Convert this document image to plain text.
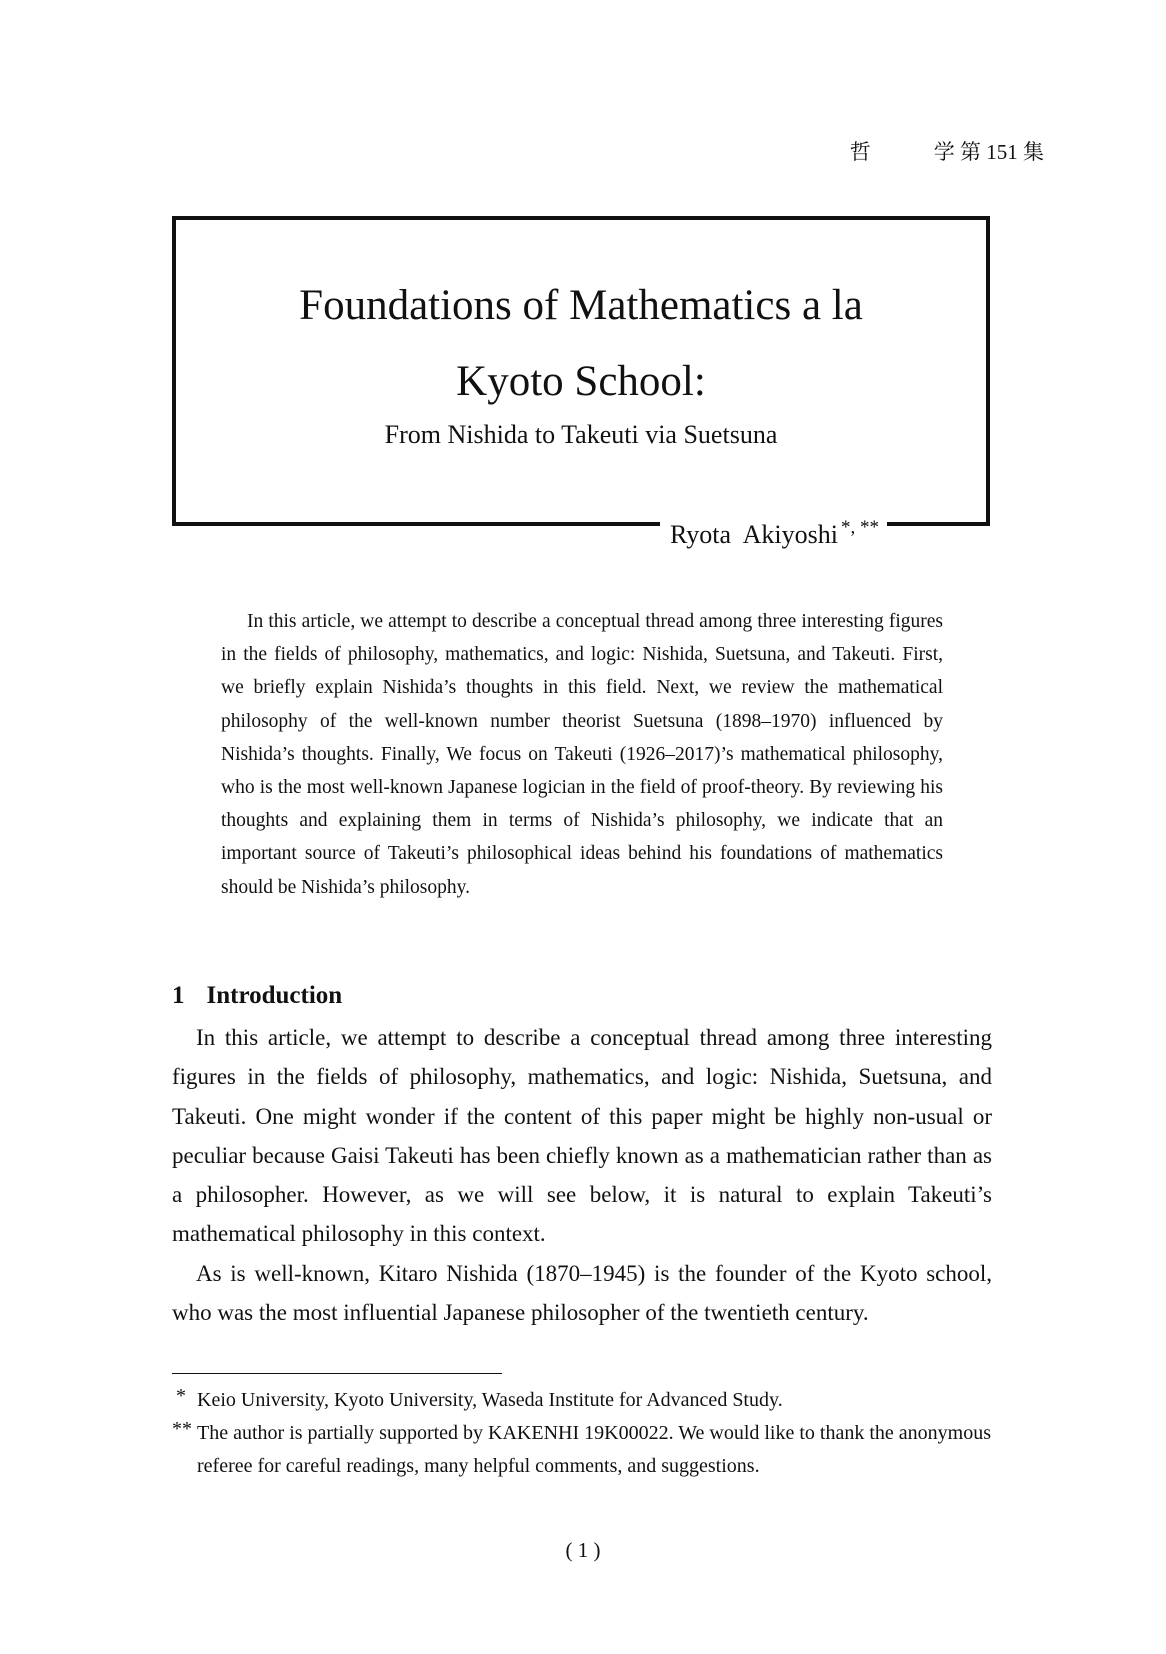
哲　　　学 第 151 集
Foundations of Mathematics a la
Kyoto School:
From Nishida to Takeuti via Suetsuna
Ryota  Akiyoshi *, **

In this article, we attempt to describe a conceptual thread among three interesting figures in the fields of philosophy, mathematics, and logic: Nishida, Suetsuna, and Takeuti. First, we briefly explain Nishida’s thoughts in this field. Next, we review the mathematical philosophy of the well-known number theorist Suetsuna (1898–1970) influenced by Nishida’s thoughts. Finally, We focus on Takeuti (1926–2017)’s mathematical philosophy, who is the most well-known Japanese logician in the field of proof-theory. By reviewing his thoughts and explaining them in terms of Nishida’s philosophy, we indicate that an important source of Takeuti’s philosophical ideas behind his foundations of mathematics should be Nishida’s philosophy.

1 Introduction

In this article, we attempt to describe a conceptual thread among three interesting figures in the fields of philosophy, mathematics, and logic: Nishida, Suetsuna, and Takeuti. One might wonder if the content of this paper might be highly non-usual or peculiar because Gaisi Takeuti has been chiefly known as a mathematician rather than as a philosopher. However, as we will see below, it is natural to explain Takeuti’s mathematical philosophy in this context.

As is well-known, Kitaro Nishida (1870–1945) is the founder of the Kyoto school, who was the most influential Japanese philosopher of the twentieth century.

* Keio University, Kyoto University, Waseda Institute for Advanced Study.
** The author is partially supported by KAKENHI 19K00022. We would like to thank the anonymous referee for careful readings, many helpful comments, and suggestions.
( 1 )
